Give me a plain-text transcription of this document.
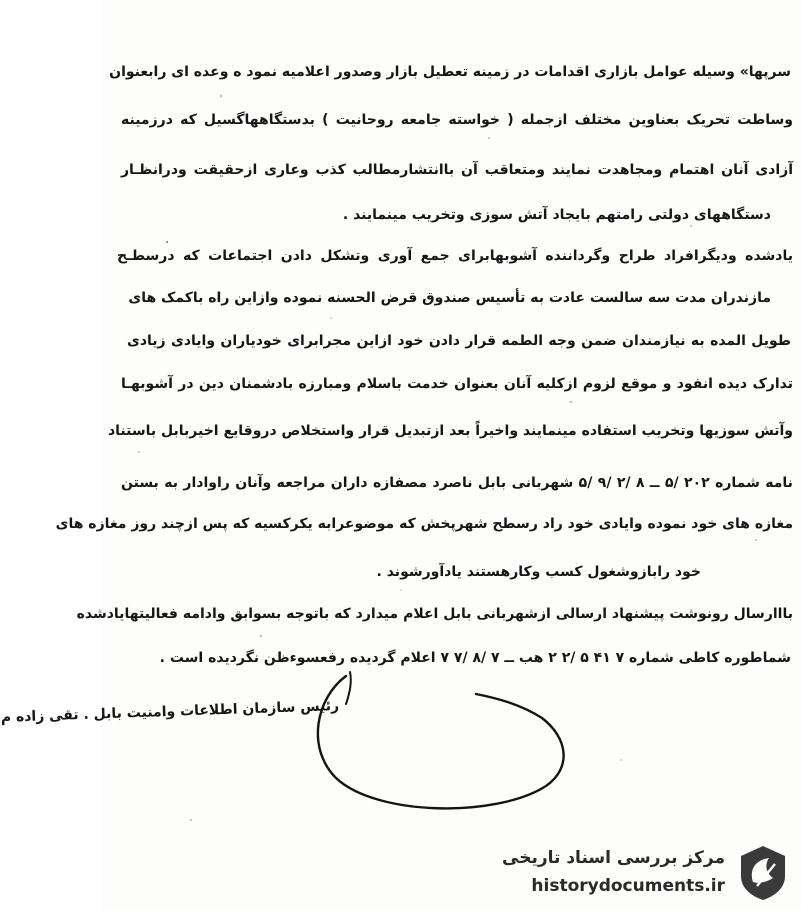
سرپها» وسیله عوامل بازاری اقدامات در زمینه تعطیل بازار وصدور اعلامیه نمود ه وعده ای رابعنوان
وساطت تحریک بعناوین مختلف ازجمله ( خواسته جامعه روحانیت ) بدستگاههاگسیل که درزمینه
آزادی آنان اهتمام ومجاهدت نمایند ومتعاقب آن باانتشارمطالب کذب وعاری ازحقیقت ودرانظـار
دستگاههای دولتی رامتهم بایجاد آتش سوزی وتخریب مینمایند .
یادشده ودیگرافراد طراح وگرداننده آشوبهابرای جمع آوری وتشکل دادن اجتماعات که درسطـح
مازندران مدت سه سالست عادت به تأسیس صندوق قرض الحسنه نموده وازاین راه باکمک های
طویل المده به نیازمندان ضمن وجه الطمه قرار دادن خود ازاین مجرابرای خودیاران وایادی زیادی
تدارک دیده انفود و موقع لزوم ازکلیه آنان بعنوان خدمت باسلام ومبارزه بادشمنان دین در آشوبهـا
وآتش سوزیها وتخریب استفاده مینمایند واخیراً بعد ازتبدیل قرار واستخلاص دروقایع اخیربابل باستناد
نامه شماره ۲۰۲ /۵ ــ ۸ /۲ /۹ /۵ شهربانی بابل ناصرد مصفازه داران مراجعه وآنان راوادار به بستن
مغازه های خود نموده وایادی خود راد رسطح شهرپخش که موضوعرابه یکرکسیه که پس ازچند روز مغازه های
خود رابازوشغول کسب وکارهستند یادآورشوند .
بااارسال رونوشت پیشنهاد ارسالی ازشهربانی بابل اعلام میدارد که باتوجه بسوابق وادامه فعالیتهایادشده
شماطوره کاطی شماره ۷ ۴۱ ۵ /۲ ۲ هب ــ ۷ /۸ /۷ ۷ اعلام گردیده رفعسوءظن نگردیده است .
رئیس سازمان اطلاعات وامنیت بابل . تقی زاده م
مرکز بررسی اسناد تاریخی
historydocuments.ir
